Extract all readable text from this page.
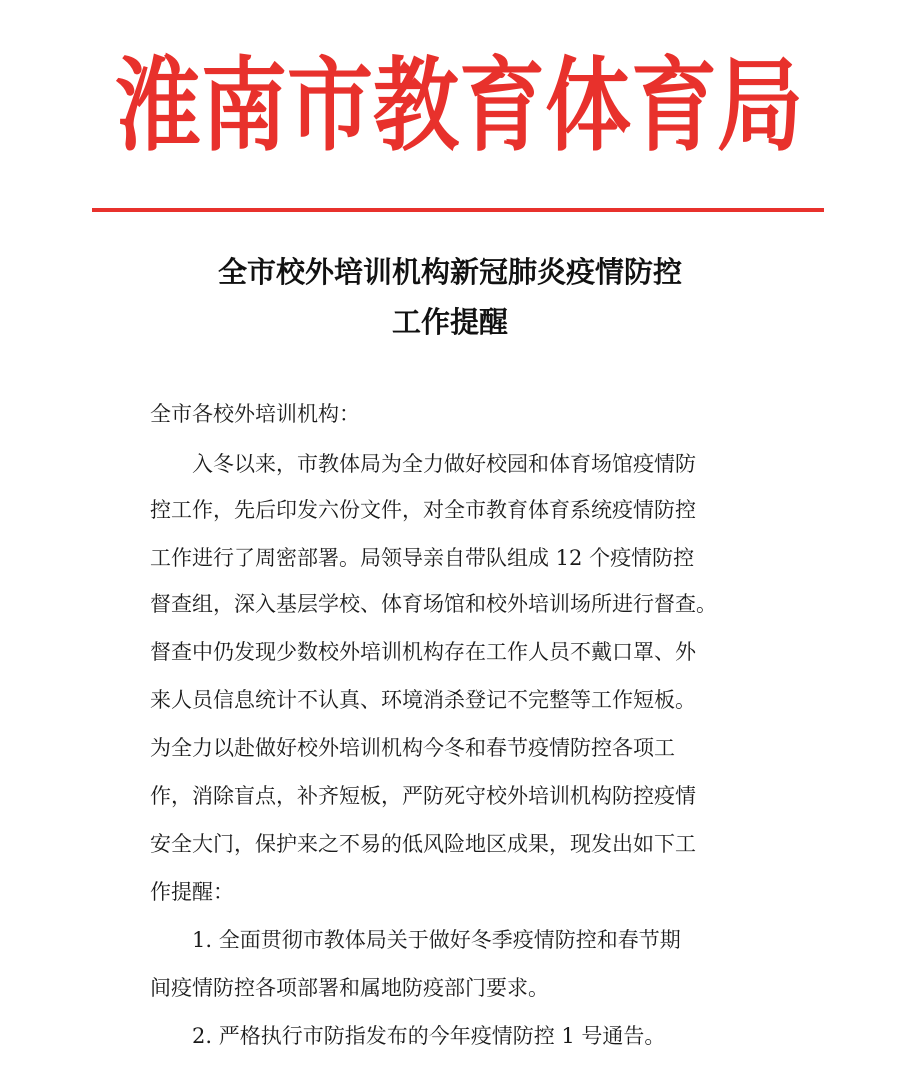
淮南市教育体育局
全市校外培训机构新冠肺炎疫情防控
工作提醒
全市各校外培训机构：
入冬以来，市教体局为全力做好校园和体育场馆疫情防
控工作，先后印发六份文件，对全市教育体育系统疫情防控
工作进行了周密部署。局领导亲自带队组成 12 个疫情防控
督查组，深入基层学校、体育场馆和校外培训场所进行督查。
督查中仍发现少数校外培训机构存在工作人员不戴口罩、外
来人员信息统计不认真、环境消杀登记不完整等工作短板。
为全力以赴做好校外培训机构今冬和春节疫情防控各项工
作，消除盲点，补齐短板，严防死守校外培训机构防控疫情
安全大门，保护来之不易的低风险地区成果，现发出如下工
作提醒：
1. 全面贯彻市教体局关于做好冬季疫情防控和春节期
间疫情防控各项部署和属地防疫部门要求。
2. 严格执行市防指发布的今年疫情防控 1 号通告。
